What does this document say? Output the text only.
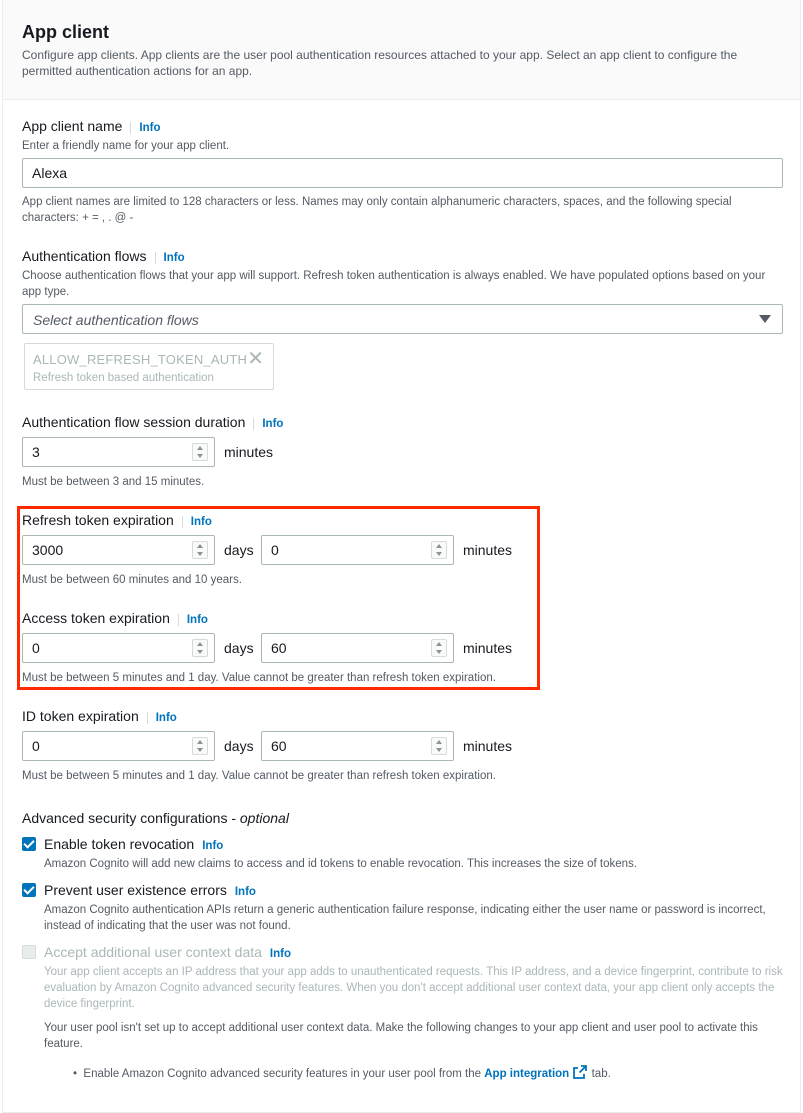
App client
Configure app clients. App clients are the user pool authentication resources attached to your app. Select an app client to configure the permitted authentication actions for an app.
App client name Info
Enter a friendly name for your app client.
Alexa
App client names are limited to 128 characters or less. Names may only contain alphanumeric characters, spaces, and the following special characters: + = , . @ -
Authentication flows Info
Choose authentication flows that your app will support. Refresh token authentication is always enabled. We have populated options based on your app type.
Select authentication flows
ALLOW_REFRESH_TOKEN_AUTH
Refresh token based authentication
✕
Authentication flow session duration Info
3	minutes
Must be between 3 and 15 minutes.
Refresh token expiration Info
3000	days	0	minutes
Must be between 60 minutes and 10 years.
Access token expiration Info
0	days	60	minutes
Must be between 5 minutes and 1 day. Value cannot be greater than refresh token expiration.
ID token expiration Info
0	days	60	minutes
Must be between 5 minutes and 1 day. Value cannot be greater than refresh token expiration.
Advanced security configurations - optional
Enable token revocation Info
Amazon Cognito will add new claims to access and id tokens to enable revocation. This increases the size of tokens.
Prevent user existence errors Info
Amazon Cognito authentication APIs return a generic authentication failure response, indicating either the user name or password is incorrect, instead of indicating that the user was not found.
Accept additional user context data Info
Your app client accepts an IP address that your app adds to unauthenticated requests. This IP address, and a device fingerprint, contribute to risk evaluation by Amazon Cognito advanced security features. When you don't accept additional user context data, your app client only accepts the device fingerprint.
Your user pool isn't set up to accept additional user context data. Make the following changes to your app client and user pool to activate this feature.
•  Enable Amazon Cognito advanced security features in your user pool from the App integration  tab.
